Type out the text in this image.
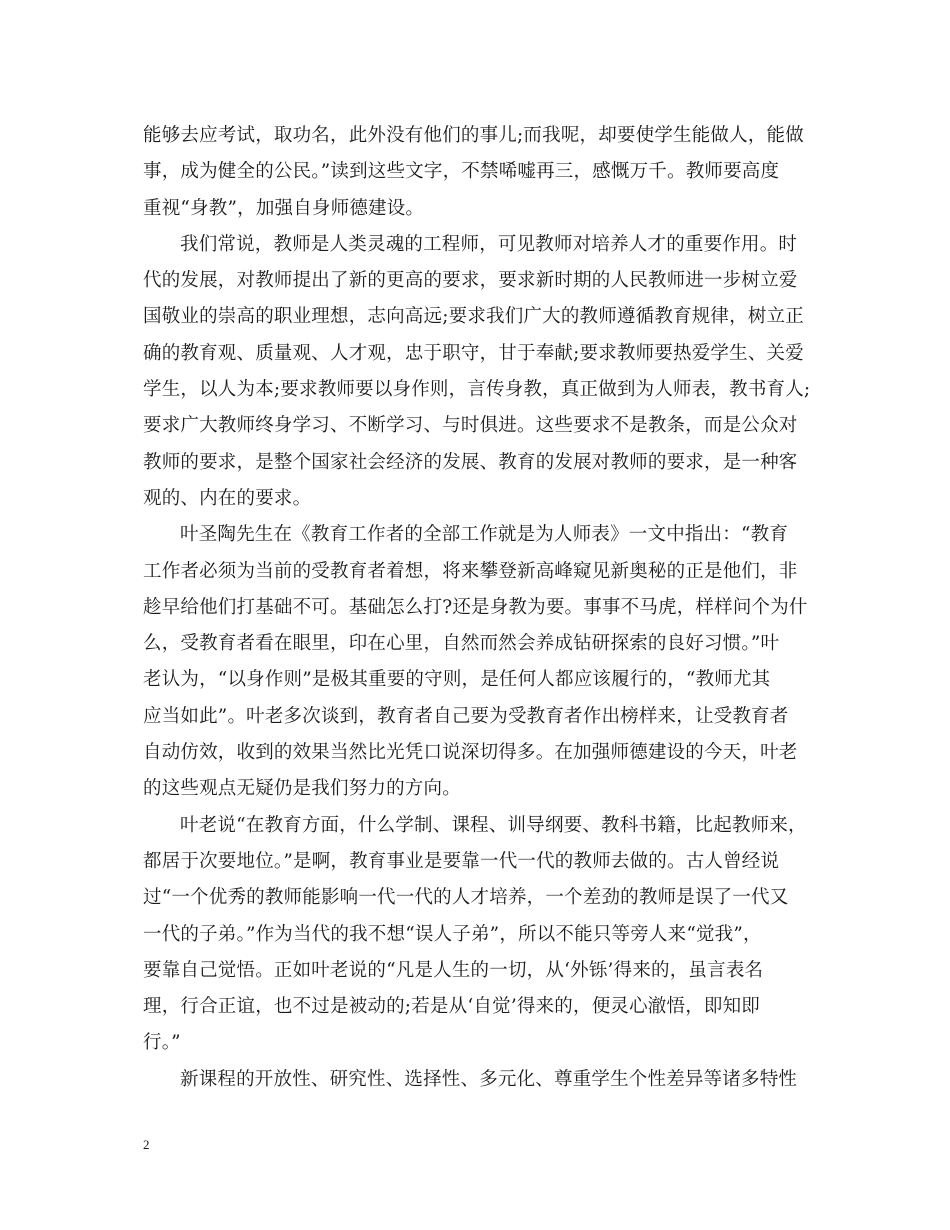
能够去应考试，取功名，此外没有他们的事儿;而我呢，却要使学生能做人，能做
事，成为健全的公民。”读到这些文字，不禁唏嘘再三，感慨万千。教师要高度
重视“身教”，加强自身师德建设。
我们常说，教师是人类灵魂的工程师，可见教师对培养人才的重要作用。时
代的发展，对教师提出了新的更高的要求，要求新时期的人民教师进一步树立爱
国敬业的崇高的职业理想，志向高远;要求我们广大的教师遵循教育规律，树立正
确的教育观、质量观、人才观，忠于职守，甘于奉献;要求教师要热爱学生、关爱
学生，以人为本;要求教师要以身作则，言传身教，真正做到为人师表，教书育人;
要求广大教师终身学习、不断学习、与时俱进。这些要求不是教条，而是公众对
教师的要求，是整个国家社会经济的发展、教育的发展对教师的要求，是一种客
观的、内在的要求。
叶圣陶先生在《教育工作者的全部工作就是为人师表》一文中指出：“教育
工作者必须为当前的受教育者着想，将来攀登新高峰窥见新奥秘的正是他们，非
趁早给他们打基础不可。基础怎么打?还是身教为要。事事不马虎，样样问个为什
么，受教育者看在眼里，印在心里，自然而然会养成钻研探索的良好习惯。”叶
老认为，“以身作则”是极其重要的守则，是任何人都应该履行的，“教师尤其
应当如此”。叶老多次谈到，教育者自己要为受教育者作出榜样来，让受教育者
自动仿效，收到的效果当然比光凭口说深切得多。在加强师德建设的今天，叶老
的这些观点无疑仍是我们努力的方向。
叶老说“在教育方面，什么学制、课程、训导纲要、教科书籍，比起教师来，
都居于次要地位。”是啊，教育事业是要靠一代一代的教师去做的。古人曾经说
过“一个优秀的教师能影响一代一代的人才培养，一个差劲的教师是误了一代又
一代的子弟。”作为当代的我不想“误人子弟”，所以不能只等旁人来“觉我”，
要靠自己觉悟。正如叶老说的“凡是人生的一切，从‘外铄’得来的，虽言表名
理，行合正谊，也不过是被动的;若是从‘自觉’得来的，便灵心澈悟，即知即
行。”
新课程的开放性、研究性、选择性、多元化、尊重学生个性差异等诸多特性
2
